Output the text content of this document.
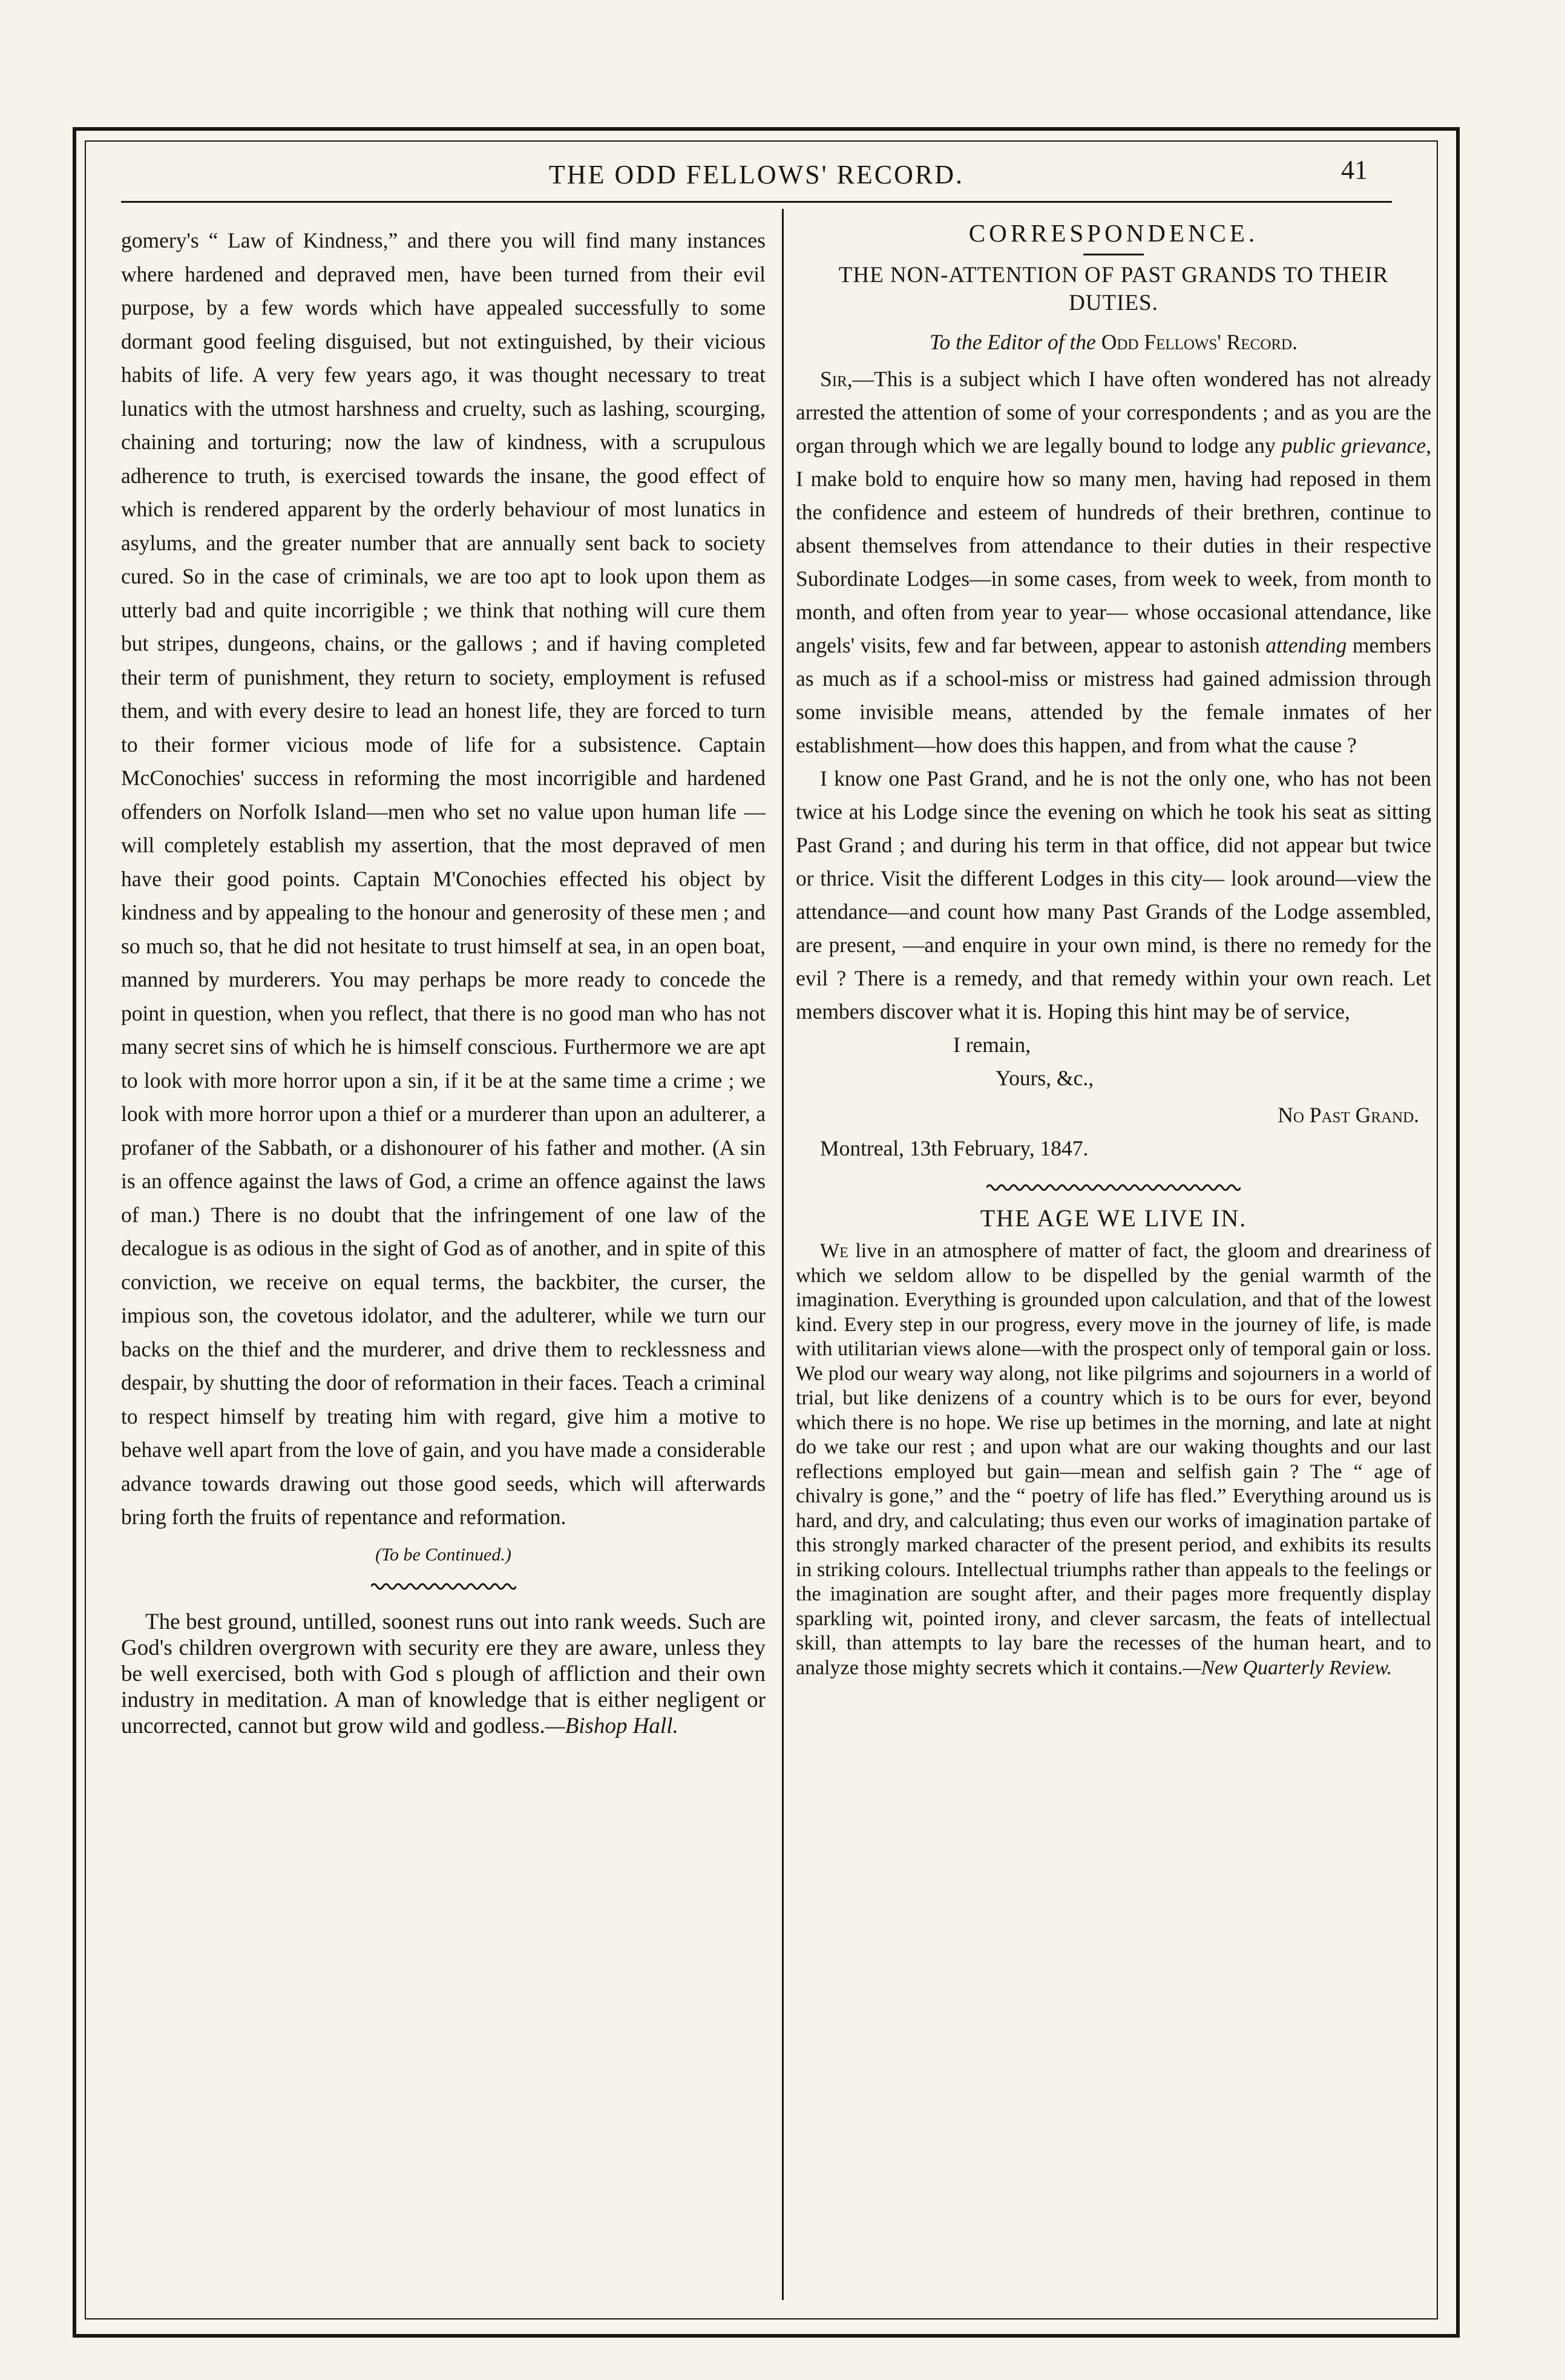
THE ODD FELLOWS' RECORD.	41

gomery's “ Law of Kindness,” and there you will find many instances where hardened and depraved men, have been turned from their evil purpose, by a few words which have appealed successfully to some dormant good feeling disguised, but not extinguished, by their vicious habits of life. A very few years ago, it was thought necessary to treat lunatics with the utmost harshness and cruelty, such as lashing, scourging, chaining and torturing; now the law of kindness, with a scrupulous adherence to truth, is exercised towards the insane, the good effect of which is rendered apparent by the orderly behaviour of most lunatics in asylums, and the greater number that are annually sent back to society cured. So in the case of criminals, we are too apt to look upon them as utterly bad and quite incorrigible ; we think that nothing will cure them but stripes, dungeons, chains, or the gallows ; and if having completed their term of punishment, they return to society, employment is refused them, and with every desire to lead an honest life, they are forced to turn to their former vicious mode of life for a subsistence. Captain McConochies' success in reforming the most incorrigible and hardened offenders on Norfolk Island—men who set no value upon human life —will completely establish my assertion, that the most depraved of men have their good points. Captain M'Conochies effected his object by kindness and by appealing to the honour and generosity of these men ; and so much so, that he did not hesitate to trust himself at sea, in an open boat, manned by murderers. You may perhaps be more ready to concede the point in question, when you reflect, that there is no good man who has not many secret sins of which he is himself conscious. Furthermore we are apt to look with more horror upon a sin, if it be at the same time a crime ; we look with more horror upon a thief or a murderer than upon an adulterer, a profaner of the Sabbath, or a dishonourer of his father and mother. (A sin is an offence against the laws of God, a crime an offence against the laws of man.) There is no doubt that the infringement of one law of the decalogue is as odious in the sight of God as of another, and in spite of this conviction, we receive on equal terms, the backbiter, the curser, the impious son, the covetous idolator, and the adulterer, while we turn our backs on the thief and the murderer, and drive them to recklessness and despair, by shutting the door of reformation in their faces. Teach a criminal to respect himself by treating him with regard, give him a motive to behave well apart from the love of gain, and you have made a considerable advance towards drawing out those good seeds, which will afterwards bring forth the fruits of repentance and reformation.

(To be Continued.)

The best ground, untilled, soonest runs out into rank weeds. Such are God's children overgrown with security ere they are aware, unless they be well exercised, both with God s plough of affliction and their own industry in meditation. A man of knowledge that is either negligent or uncorrected, cannot but grow wild and godless.—Bishop Hall.

CORRESPONDENCE.

THE NON-ATTENTION OF PAST GRANDS TO THEIR DUTIES.

To the Editor of the Odd Fellows' Record.

Sir,—This is a subject which I have often wondered has not already arrested the attention of some of your correspondents ; and as you are the organ through which we are legally bound to lodge any public grievance, I make bold to enquire how so many men, having had reposed in them the confidence and esteem of hundreds of their brethren, continue to absent themselves from attendance to their duties in their respective Subordinate Lodges—in some cases, from week to week, from month to month, and often from year to year— whose occasional attendance, like angels' visits, few and far between, appear to astonish attending members as much as if a school-miss or mistress had gained admission through some invisible means, attended by the female inmates of her establishment—how does this happen, and from what the cause ?

I know one Past Grand, and he is not the only one, who has not been twice at his Lodge since the evening on which he took his seat as sitting Past Grand ; and during his term in that office, did not appear but twice or thrice. Visit the different Lodges in this city— look around—view the attendance—and count how many Past Grands of the Lodge assembled, are present, —and enquire in your own mind, is there no remedy for the evil ? There is a remedy, and that remedy within your own reach. Let members discover what it is. Hoping this hint may be of service,

I remain,

Yours, &c.,

No Past Grand.

Montreal, 13th February, 1847.

THE AGE WE LIVE IN.

We live in an atmosphere of matter of fact, the gloom and dreariness of which we seldom allow to be dispelled by the genial warmth of the imagination. Everything is grounded upon calculation, and that of the lowest kind. Every step in our progress, every move in the journey of life, is made with utilitarian views alone—with the prospect only of temporal gain or loss. We plod our weary way along, not like pilgrims and sojourners in a world of trial, but like denizens of a country which is to be ours for ever, beyond which there is no hope. We rise up betimes in the morning, and late at night do we take our rest ; and upon what are our waking thoughts and our last reflections employed but gain—mean and selfish gain ? The “ age of chivalry is gone,” and the “ poetry of life has fled.” Everything around us is hard, and dry, and calculating; thus even our works of imagination partake of this strongly marked character of the present period, and exhibits its results in striking colours. Intellectual triumphs rather than appeals to the feelings or the imagination are sought after, and their pages more frequently display sparkling wit, pointed irony, and clever sarcasm, the feats of intellectual skill, than attempts to lay bare the recesses of the human heart, and to analyze those mighty secrets which it contains.—New Quarterly Review.
